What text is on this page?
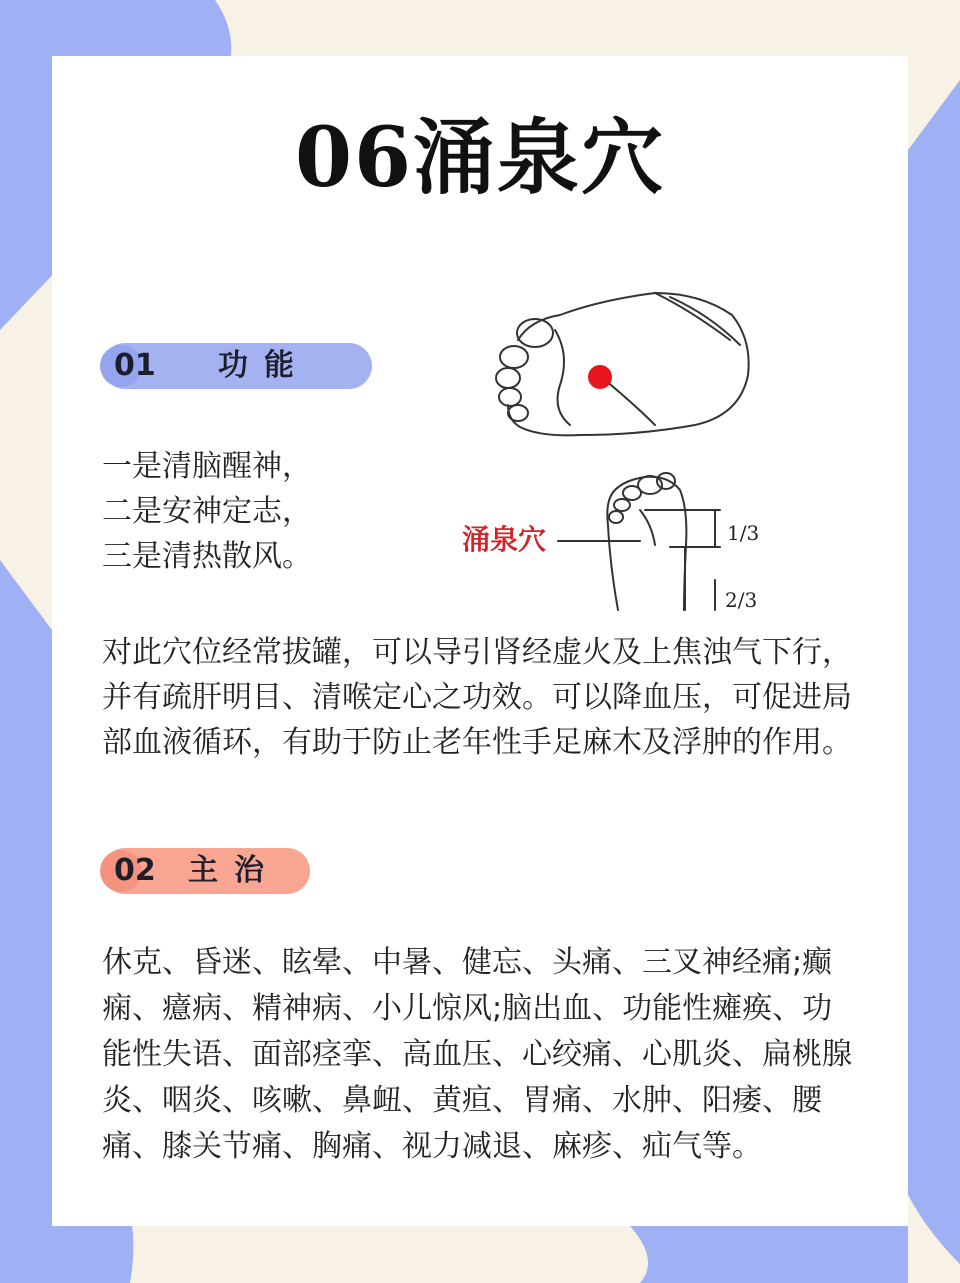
06涌泉穴
01 功能
一是清脑醒神，
二是安神定志，
三是清热散风。
1/3
2/3
涌泉穴
对此穴位经常拔罐，可以导引肾经虚火及上焦浊气下行，并有疏肝明目、清喉定心之功效。可以降血压，可促进局部血液循环，有助于防止老年性手足麻木及浮肿的作用。
02 主治
休克、昏迷、眩晕、中暑、健忘、头痛、三叉神经痛;癫痫、癔病、精神病、小儿惊风;脑出血、功能性瘫痪、功能性失语、面部痉挛、高血压、心绞痛、心肌炎、扁桃腺炎、咽炎、咳嗽、鼻衄、黄疸、胃痛、水肿、阳痿、腰痛、膝关节痛、胸痛、视力减退、麻疹、疝气等。
